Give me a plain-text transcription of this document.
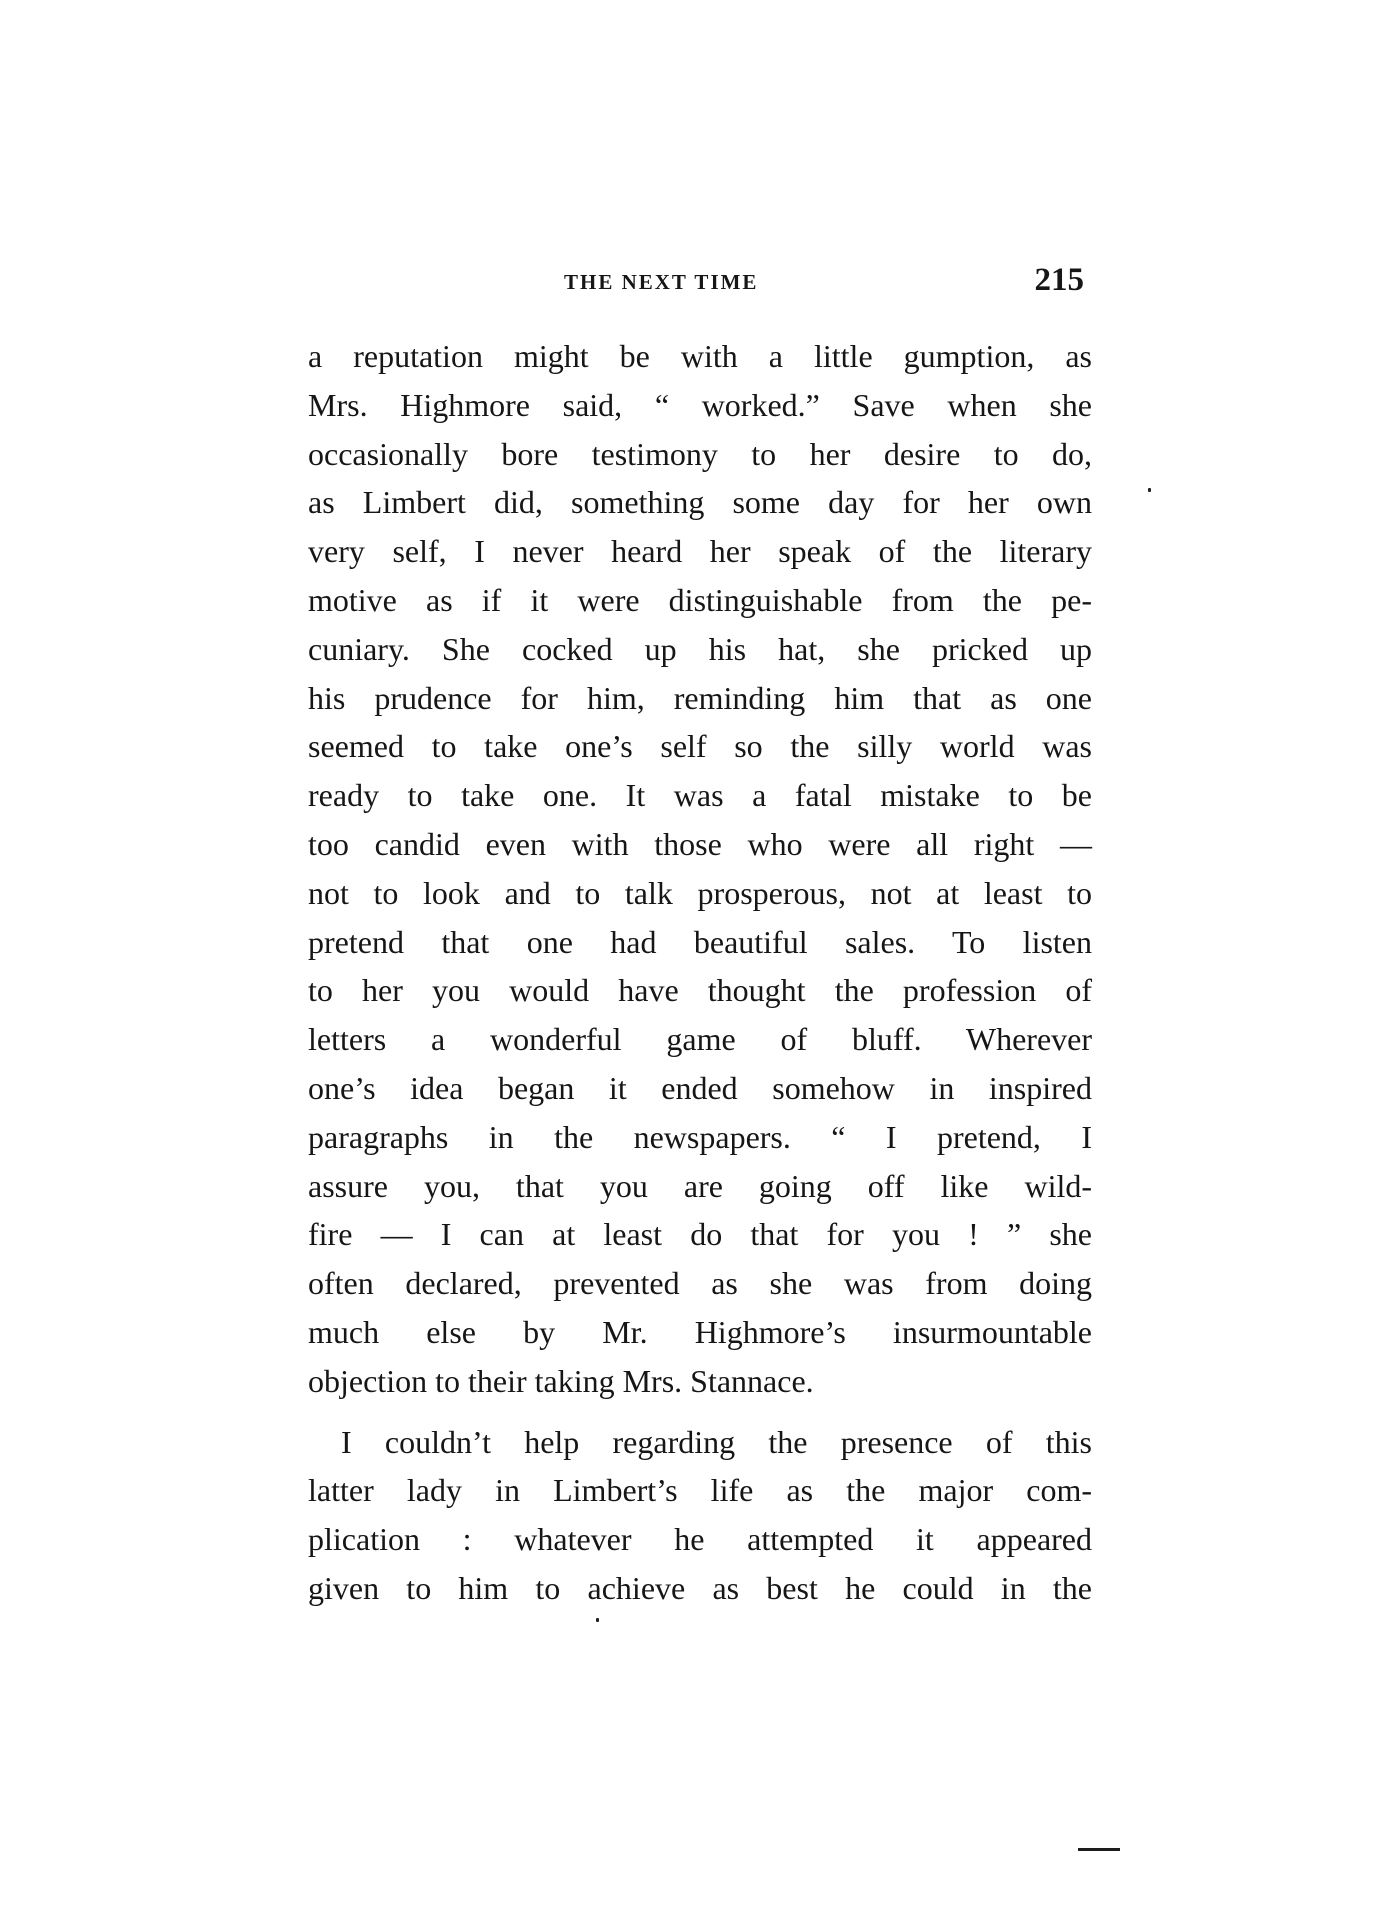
THE NEXT TIME	215
a reputation might be with a little gumption, as
Mrs. Highmore said, “ worked.” Save when she
occasionally bore testimony to her desire to do,
as Limbert did, something some day for her own
very self, I never heard her speak of the literary
motive as if it were distinguishable from the pe-
cuniary. She cocked up his hat, she pricked up
his prudence for him, reminding him that as one
seemed to take one’s self so the silly world was
ready to take one. It was a fatal mistake to be
too candid even with those who were all right —
not to look and to talk prosperous, not at least to
pretend that one had beautiful sales. To listen
to her you would have thought the profession of
letters a wonderful game of bluff. Wherever
one’s idea began it ended somehow in inspired
paragraphs in the newspapers. “ I pretend, I
assure you, that you are going off like wild-
fire — I can at least do that for you ! ” she
often declared, prevented as she was from doing
much else by Mr. Highmore’s insurmountable
objection to their taking Mrs. Stannace.
I couldn’t help regarding the presence of this
latter lady in Limbert’s life as the major com-
plication : whatever he attempted it appeared
given to him to achieve as best he could in the
